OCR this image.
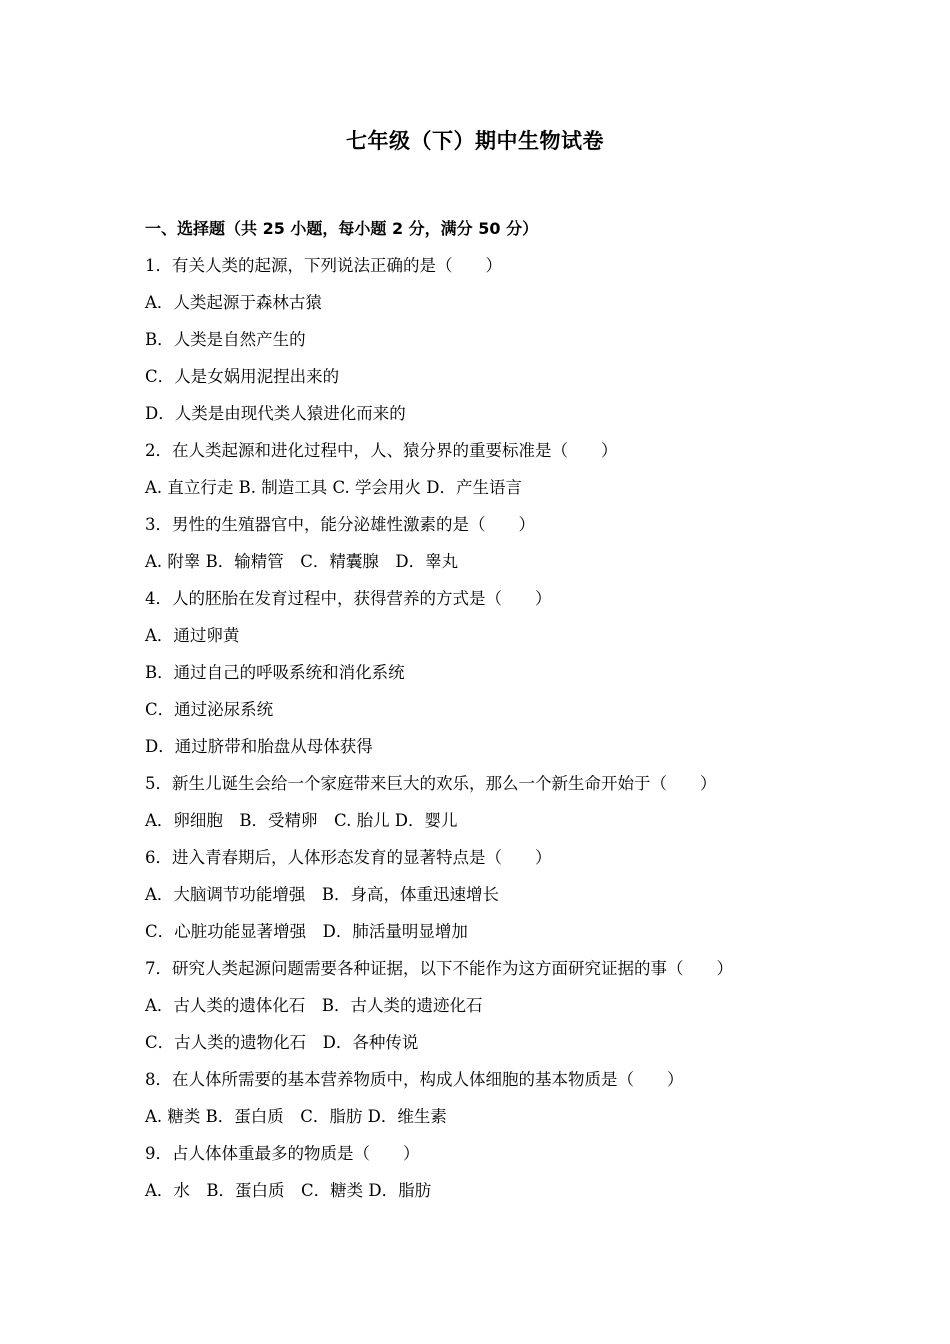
七年级（下）期中生物试卷
一、选择题（共 25 小题，每小题 2 分，满分 50 分）
1．有关人类的起源，下列说法正确的是（　　）
A．人类起源于森林古猿
B．人类是自然产生的
C．人是女娲用泥捏出来的
D．人类是由现代类人猿进化而来的
2．在人类起源和进化过程中，人、猿分界的重要标准是（　　）
A. 直立行走 B. 制造工具 C. 学会用火 D．产生语言
3．男性的生殖器官中，能分泌雄性激素的是（　　）
A. 附睾 B．输精管　C．精囊腺　D．睾丸
4．人的胚胎在发育过程中，获得营养的方式是（　　）
A．通过卵黄
B．通过自己的呼吸系统和消化系统
C．通过泌尿系统
D．通过脐带和胎盘从母体获得
5．新生儿诞生会给一个家庭带来巨大的欢乐，那么一个新生命开始于（　　）
A．卵细胞　B．受精卵　C. 胎儿 D．婴儿
6．进入青春期后，人体形态发育的显著特点是（　　）
A．大脑调节功能增强　B．身高，体重迅速增长
C．心脏功能显著增强　D．肺活量明显增加
7．研究人类起源问题需要各种证据，以下不能作为这方面研究证据的事（　　）
A．古人类的遗体化石　B．古人类的遗迹化石
C．古人类的遗物化石　D．各种传说
8．在人体所需要的基本营养物质中，构成人体细胞的基本物质是（　　）
A. 糖类 B．蛋白质　C．脂肪 D．维生素
9．占人体体重最多的物质是（　　）
A．水　B．蛋白质　C．糖类 D．脂肪
